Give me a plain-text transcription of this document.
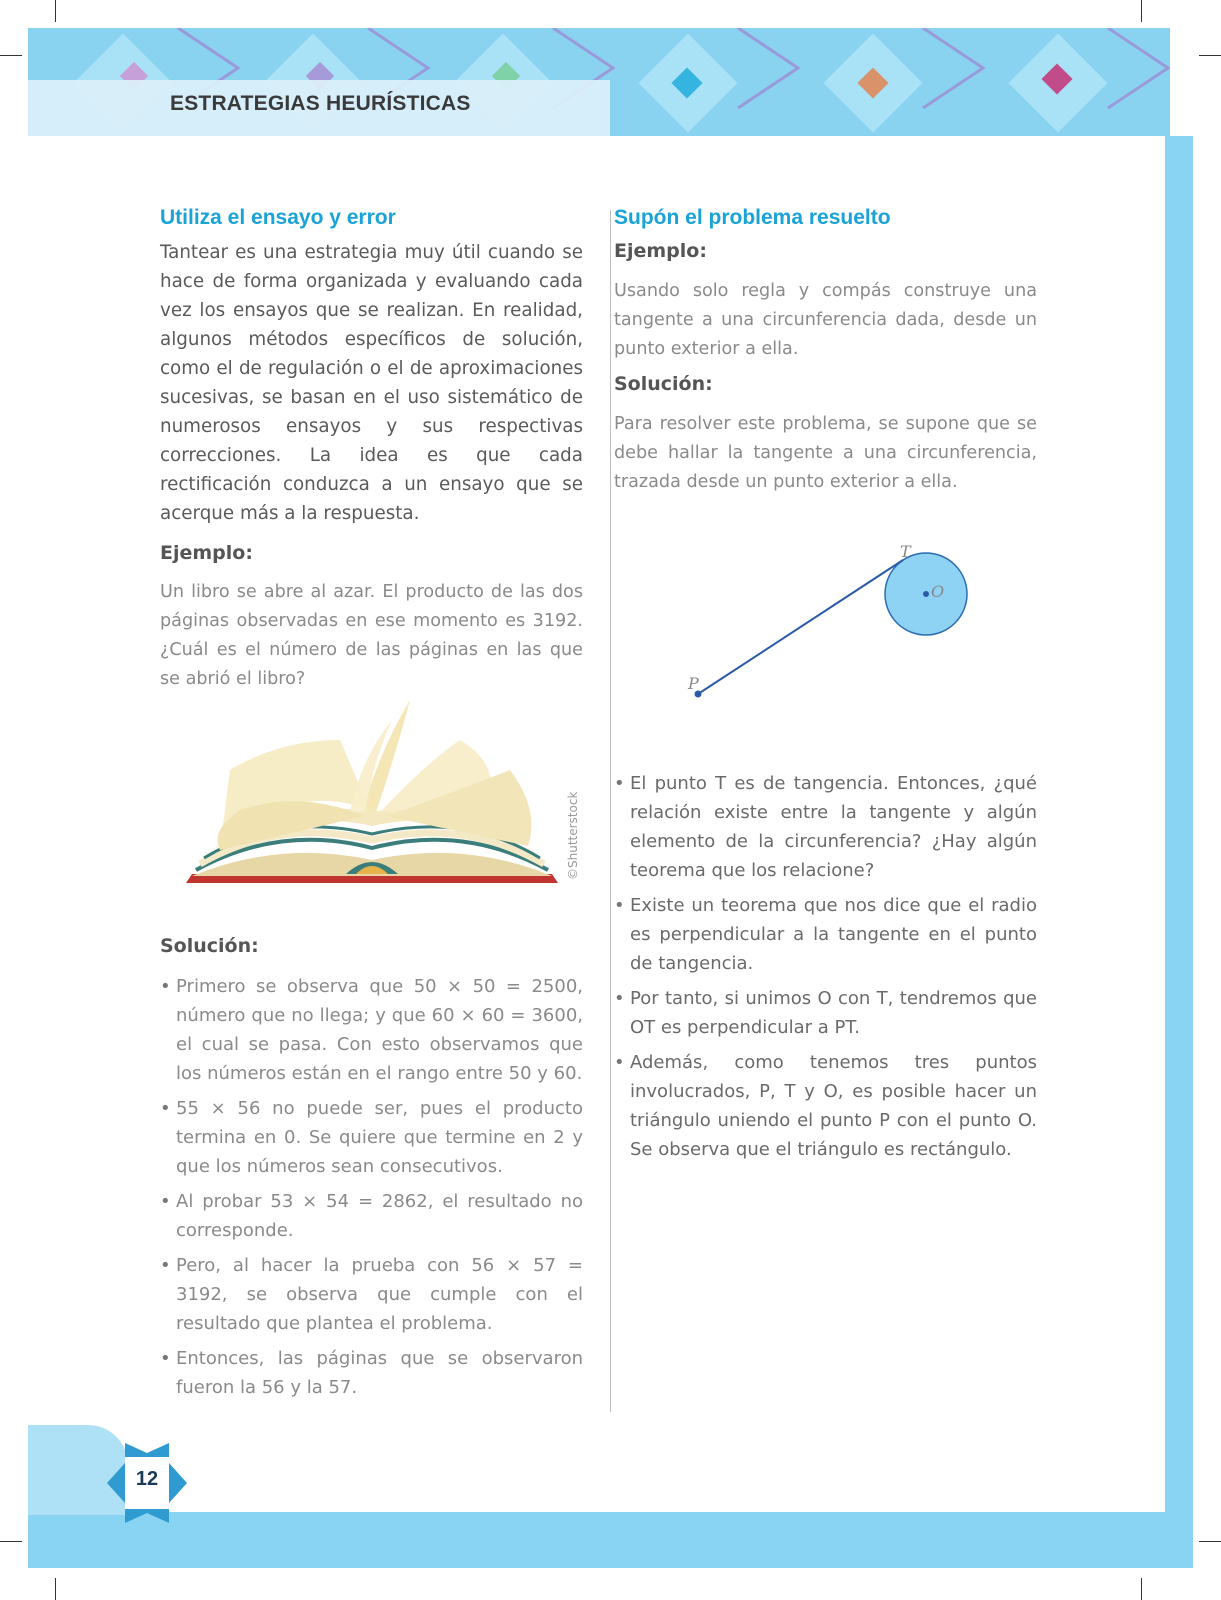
ESTRATEGIAS HEURÍSTICAS
12
Utiliza el ensayo y error

Tantear es una estrategia muy útil cuando se hace de forma organizada y evaluando cada vez los ensayos que se realizan. En realidad, algunos métodos específicos de solución, como el de regulación o el de aproximaciones sucesivas, se basan en el uso sistemático de numerosos ensayos y sus respectivas correcciones. La idea es que cada rectificación conduzca a un ensayo que se acerque más a la respuesta.

Ejemplo:

Un libro se abre al azar. El producto de las dos páginas observadas en ese momento es 3192. ¿Cuál es el número de las páginas en las que se abrió el libro?

©Shutterstock
Solución:
• Primero se observa que 50 × 50 = 2500, número que no llega; y que 60 × 60 = 3600, el cual se pasa. Con esto observamos que los números están en el rango entre 50 y 60.
• 55 × 56 no puede ser, pues el producto termina en 0. Se quiere que termine en 2 y que los números sean consecutivos.
• Al probar 53 × 54 = 2862, el resultado no corresponde.
• Pero, al hacer la prueba con 56 × 57 = 3192, se observa que cumple con el resultado que plantea el problema.
• Entonces, las páginas que se observaron fueron la 56 y la 57.
Supón el problema resuelto
Ejemplo:

Usando solo regla y compás construye una tangente a una circunferencia dada, desde un punto exterior a ella.

Solución:

Para resolver este problema, se supone que se debe hallar la tangente a una circunferencia, trazada desde un punto exterior a ella.

T
O
P
• El punto T es de tangencia. Entonces, ¿qué relación existe entre la tangente y algún elemento de la circunferencia? ¿Hay algún teorema que los relacione?
• Existe un teorema que nos dice que el radio es perpendicular a la tangente en el punto de tangencia.
• Por tanto, si unimos O con T, tendremos que OT es perpendicular a PT.
• Además, como tenemos tres puntos involucrados, P, T y O, es posible hacer un triángulo uniendo el punto P con el punto O. Se observa que el triángulo es rectángulo.
